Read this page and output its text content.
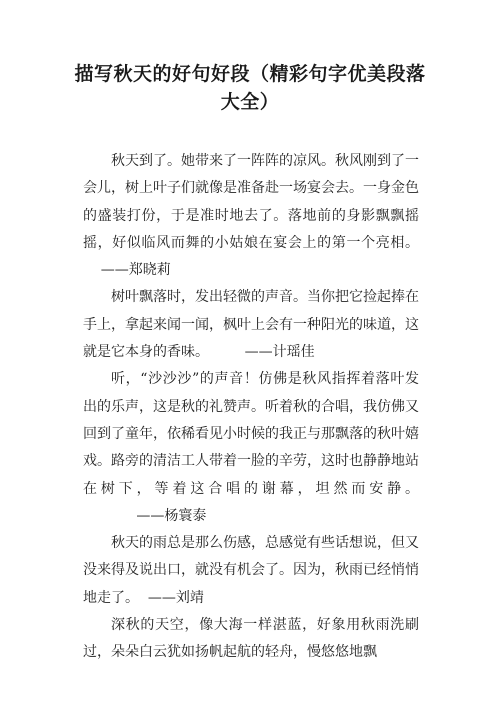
描写秋天的好句好段（精彩句字优美段落大全）

秋天到了。她带来了一阵阵的凉风。秋风刚到了一会儿，树上叶子们就像是准备赴一场宴会去。一身金色的盛装打份，于是准时地去了。落地前的身影飘飘摇摇，好似临风而舞的小姑娘在宴会上的第一个亮相。    ——郑晓莉

树叶飘落时，发出轻微的声音。当你把它捡起捧在手上，拿起来闻一闻，枫叶上会有一种阳光的味道，这就是它本身的香味。        ——计瑶佳

听，“沙沙沙”的声音！仿佛是秋风指挥着落叶发出的乐声，这是秋的礼赞声。听着秋的合唱，我仿佛又回到了童年，依稀看见小时候的我正与那飘落的秋叶嬉戏。路旁的清洁工人带着一脸的辛劳，这时也静静地站在树下，等着这合唱的谢幕，坦然而安静。            ——杨寰泰

秋天的雨总是那么伤感，总感觉有些话想说，但又没来得及说出口，就没有机会了。因为，秋雨已经悄悄地走了。  ——刘靖

深秋的天空，像大海一样湛蓝，好象用秋雨洗刷过，朵朵白云犹如扬帆起航的轻舟，慢悠悠地飘
